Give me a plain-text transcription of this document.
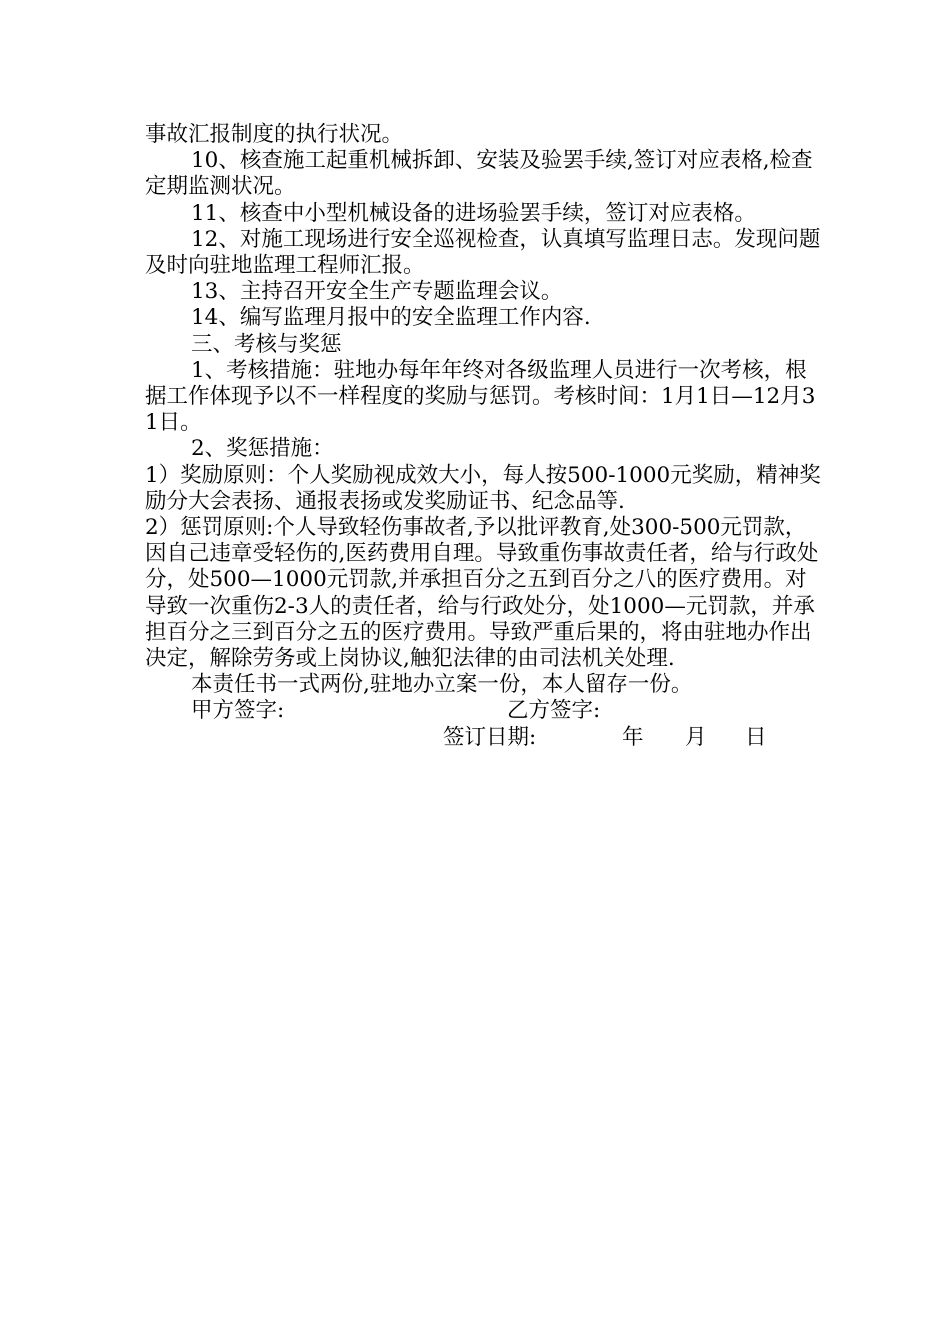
事故汇报制度的执行状况。

10、核查施工起重机械拆卸、安装及验罢手续,签订对应表格,检查定期监测状况。

11、核查中小型机械设备的进场验罢手续，签订对应表格。

12、对施工现场进行安全巡视检查，认真填写监理日志。发现问题及时向驻地监理工程师汇报。

13、主持召开安全生产专题监理会议。

14、编写监理月报中的安全监理工作内容.

三、考核与奖惩

1、考核措施：驻地办每年年终对各级监理人员进行一次考核，根据工作体现予以不一样程度的奖励与惩罚。考核时间：1月1日—12月31日。

2、奖惩措施：

1）奖励原则：个人奖励视成效大小，每人按500-1000元奖励，精神奖励分大会表扬、通报表扬或发奖励证书、纪念品等.

2）惩罚原则:个人导致轻伤事故者,予以批评教育,处300-500元罚款，因自己违章受轻伤的,医药费用自理。导致重伤事故责任者，给与行政处分，处500—1000元罚款,并承担百分之五到百分之八的医疗费用。对导致一次重伤2-3人的责任者，给与行政处分，处1000—元罚款，并承担百分之三到百分之五的医疗费用。导致严重后果的，将由驻地办作出决定，解除劳务或上岗协议,触犯法律的由司法机关处理.

本责任书一式两份,驻地办立案一份，本人留存一份。

甲方签字:	乙方签字:
签订日期:	年 月 日
